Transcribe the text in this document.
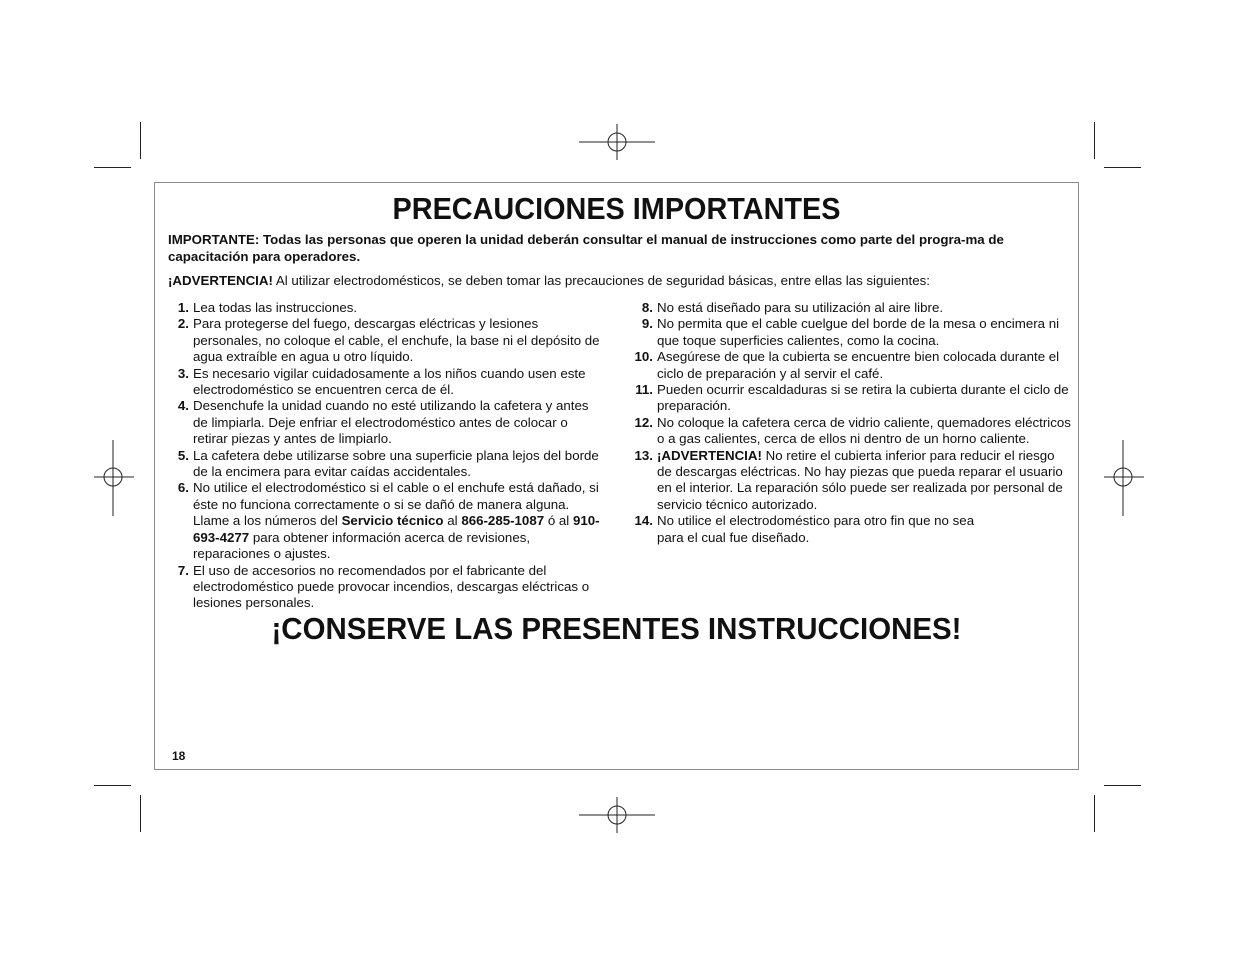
PRECAUCIONES IMPORTANTES

IMPORTANTE: Todas las personas que operen la unidad deberán consultar el manual de instrucciones como parte del progra-ma de capacitación para operadores.

¡ADVERTENCIA! Al utilizar electrodomésticos, se deben tomar las precauciones de seguridad básicas, entre ellas las siguientes:

1. Lea todas las instrucciones.
2. Para protegerse del fuego, descargas eléctricas y lesiones personales, no coloque el cable, el enchufe, la base ni el depósito de agua extraíble en agua u otro líquido.
3. Es necesario vigilar cuidadosamente a los niños cuando usen este electrodoméstico se encuentren cerca de él.
4. Desenchufe la unidad cuando no esté utilizando la cafetera y antes de limpiarla. Deje enfriar el electrodoméstico antes de colocar o retirar piezas y antes de limpiarlo.
5. La cafetera debe utilizarse sobre una superficie plana lejos del borde de la encimera para evitar caídas accidentales.
6. No utilice el electrodoméstico si el cable o el enchufe está dañado, si éste no funciona correctamente o si se dañó de manera alguna. Llame a los números del Servicio técnico al 866-285-1087 ó al 910-693-4277 para obtener información acerca de revisiones, reparaciones o ajustes.
7. El uso de accesorios no recomendados por el fabricante del electrodoméstico puede provocar incendios, descargas eléctricas o lesiones personales.
8. No está diseñado para su utilización al aire libre.
9. No permita que el cable cuelgue del borde de la mesa o encimera ni que toque superficies calientes, como la cocina.
10. Asegúrese de que la cubierta se encuentre bien colocada durante el ciclo de preparación y al servir el café.
11. Pueden ocurrir escaldaduras si se retira la cubierta durante el ciclo de preparación.
12. No coloque la cafetera cerca de vidrio caliente, quemadores eléctricos o a gas calientes, cerca de ellos ni dentro de un horno caliente.
13. ¡ADVERTENCIA! No retire el cubierta inferior para reducir el riesgo de descargas eléctricas. No hay piezas que pueda reparar el usuario en el interior. La reparación sólo puede ser realizada por personal de servicio técnico autorizado.
14. No utilice el electrodoméstico para otro fin que no sea para el cual fue diseñado.
¡CONSERVE LAS PRESENTES INSTRUCCIONES!

18
